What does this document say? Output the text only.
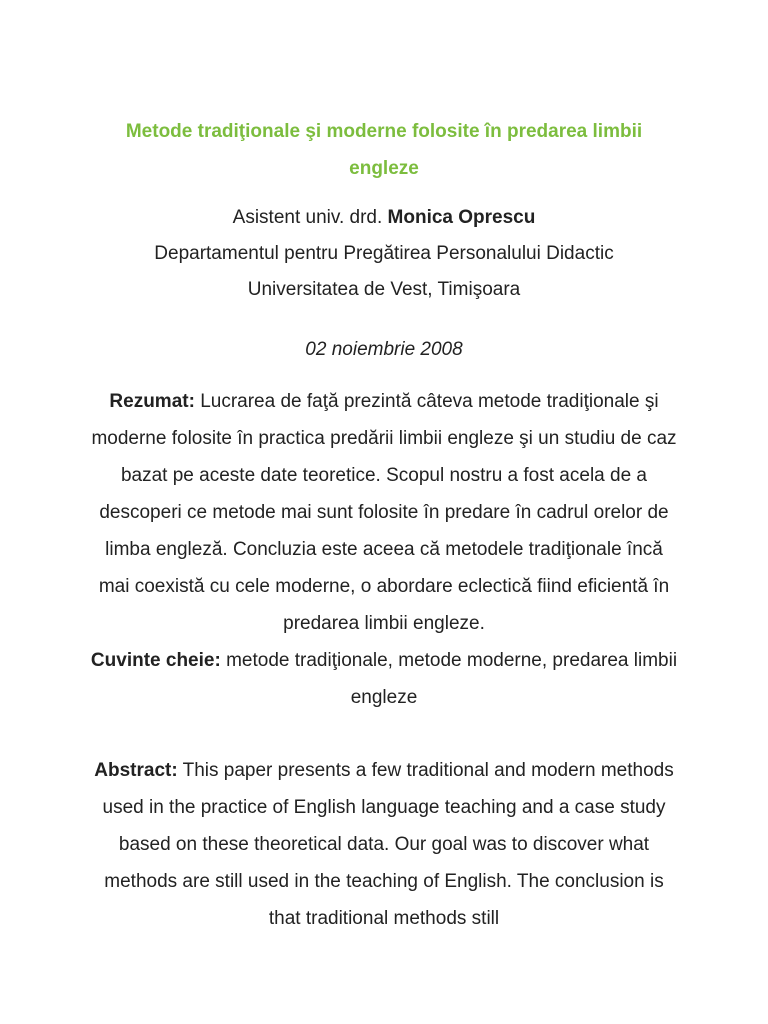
Metode tradiţionale şi moderne folosite în predarea limbii engleze
Asistent univ. drd. Monica Oprescu
Departamentul pentru Pregătirea Personalului Didactic
Universitatea de Vest, Timişoara
02 noiembrie 2008
Rezumat: Lucrarea de faţă prezintă câteva metode tradiţionale şi moderne folosite în practica predării limbii engleze şi un studiu de caz bazat pe aceste date teoretice. Scopul nostru a fost acela de a descoperi ce metode mai sunt folosite în predare în cadrul orelor de limba engleză. Concluzia este aceea că metodele tradiţionale încă mai coexistă cu cele moderne, o abordare eclectică fiind eficientă în predarea limbii engleze.
Cuvinte cheie: metode tradiţionale, metode moderne, predarea limbii engleze
Abstract: This paper presents a few traditional and modern methods used in the practice of English language teaching and a case study based on these theoretical data. Our goal was to discover what methods are still used in the teaching of English. The conclusion is that traditional methods still
